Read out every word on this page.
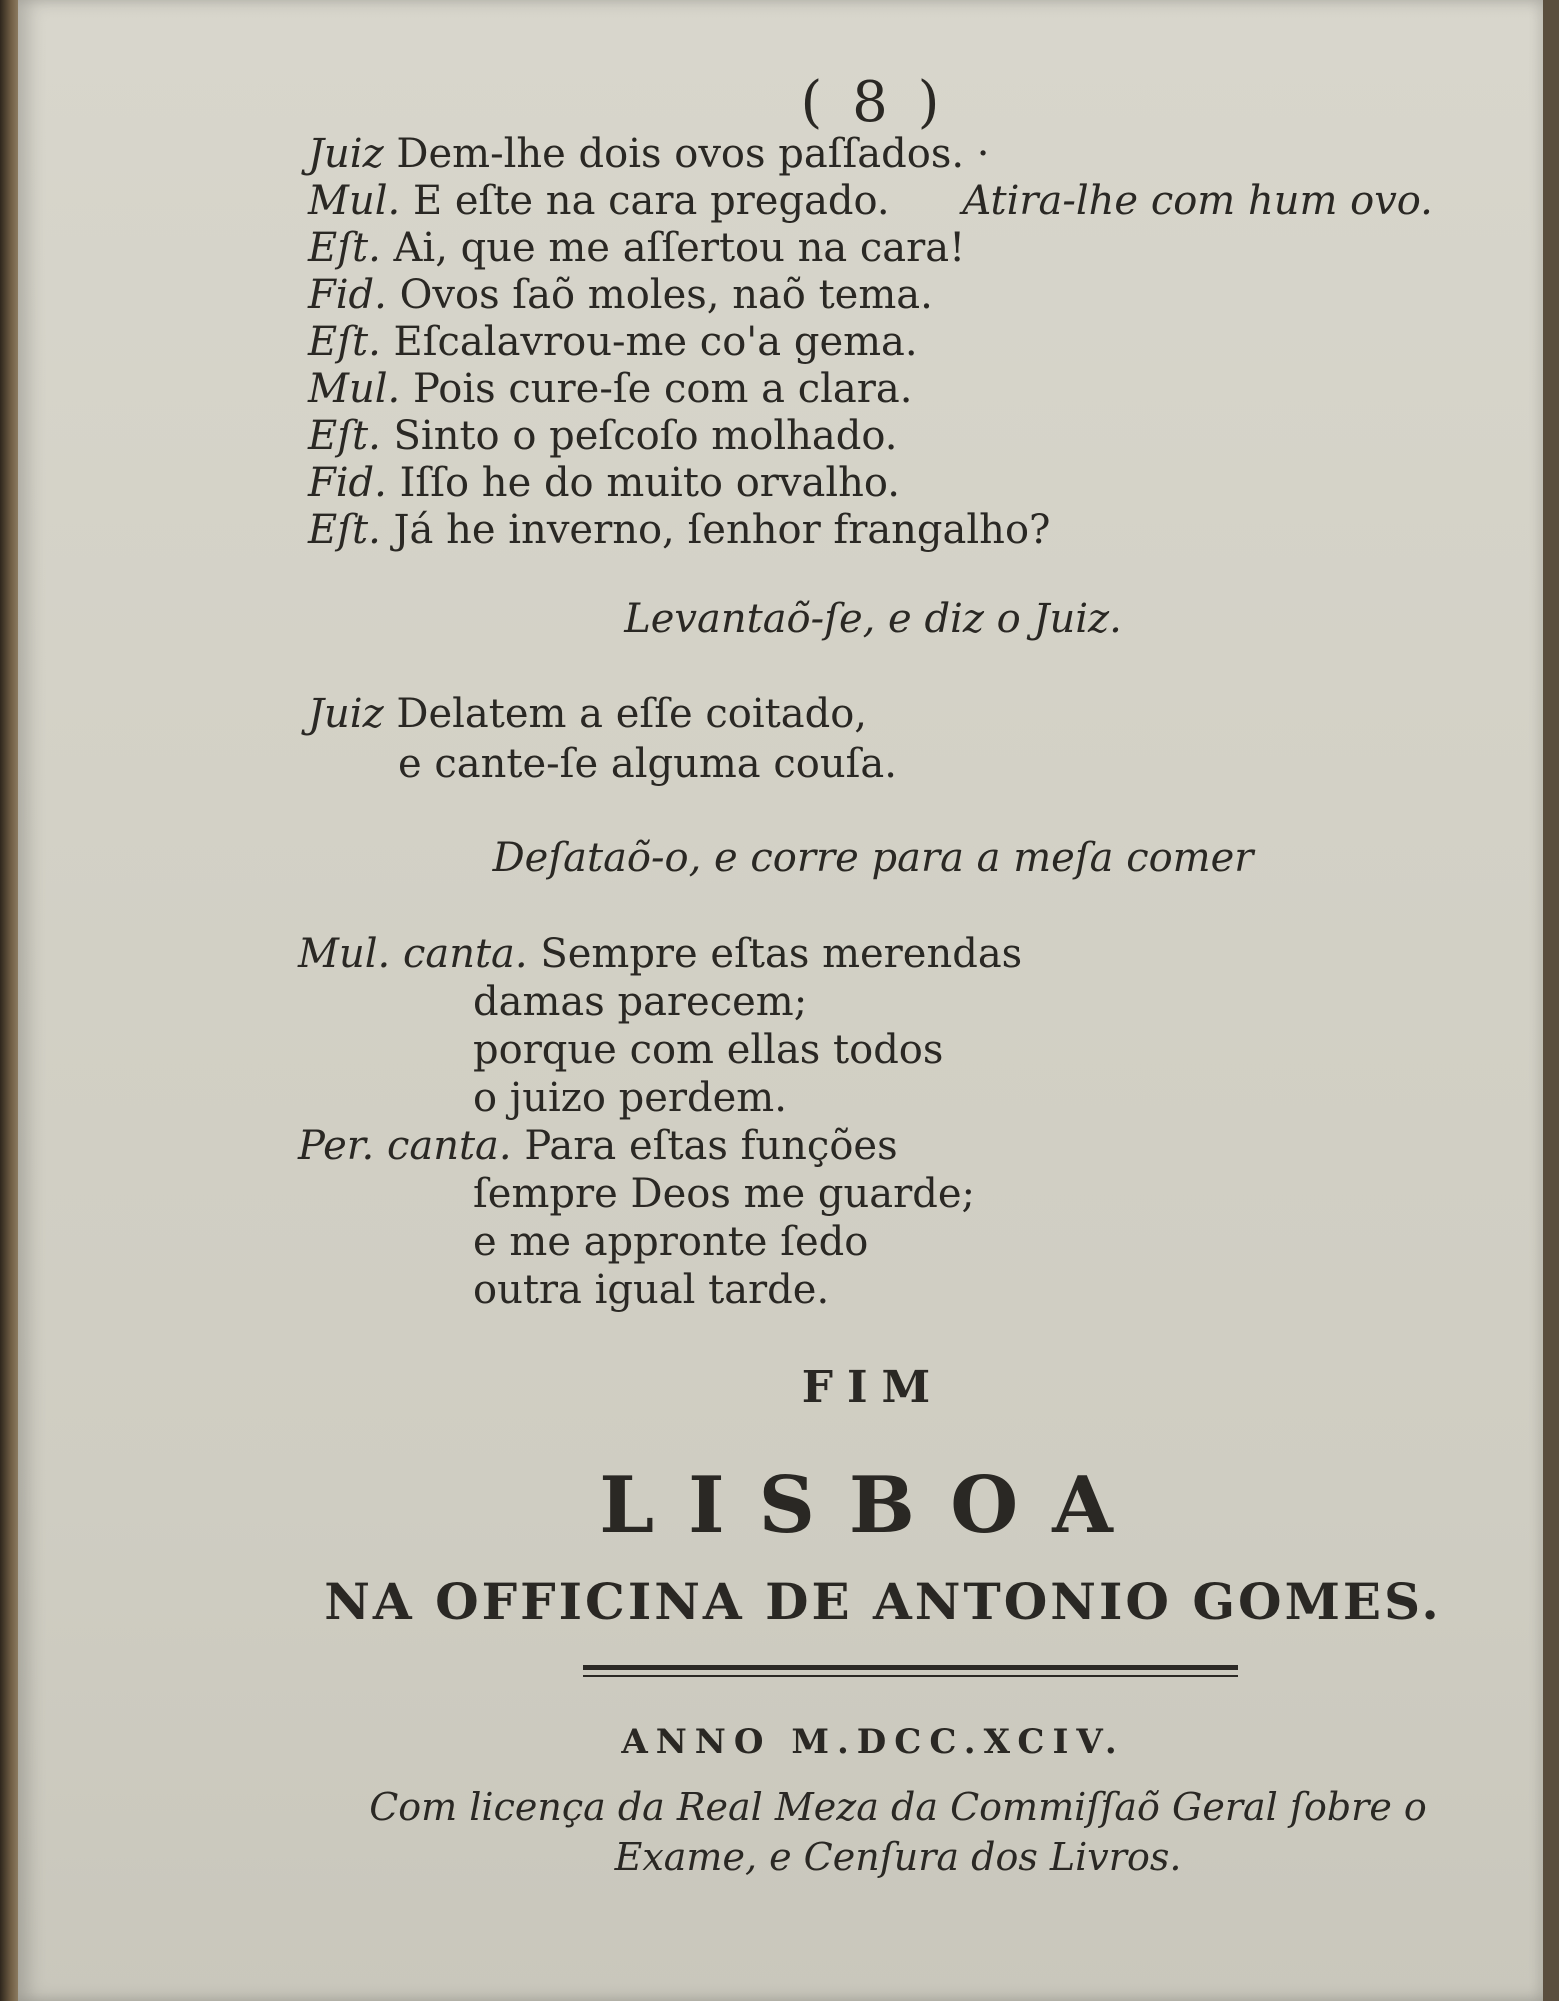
( 8 )
Juiz Dem-lhe dois ovos paſſados. ·
Mul. E eſte na cara pregado. Atira-lhe com hum ovo.
Eſt. Ai, que me aſſertou na cara!
Fid. Ovos ſaõ moles, naõ tema.
Eſt. Eſcalavrou-me co'a gema.
Mul. Pois cure-ſe com a clara.
Eſt. Sinto o peſcoſo molhado.
Fid. Iſſo he do muito orvalho.
Eſt. Já he inverno, ſenhor frangalho?
Levantaõ-ſe, e diz o Juiz.
Juiz Delatem a eſſe coitado,
e cante-ſe alguma couſa.
Deſataõ-o, e corre para a meſa comer
Mul. canta. Sempre eſtas merendas
damas parecem;
porque com ellas todos
o juizo perdem.
Per. canta. Para eſtas funções
ſempre Deos me guarde;
e me appronte ſedo
outra igual tarde.
FIM
LISBOA
NA OFFICINA DE ANTONIO GOMES.
ANNO M.DCC.XCIV.
Com licença da Real Meza da Commiſſaõ Geral ſobre o
Exame, e Cenſura dos Livros.
